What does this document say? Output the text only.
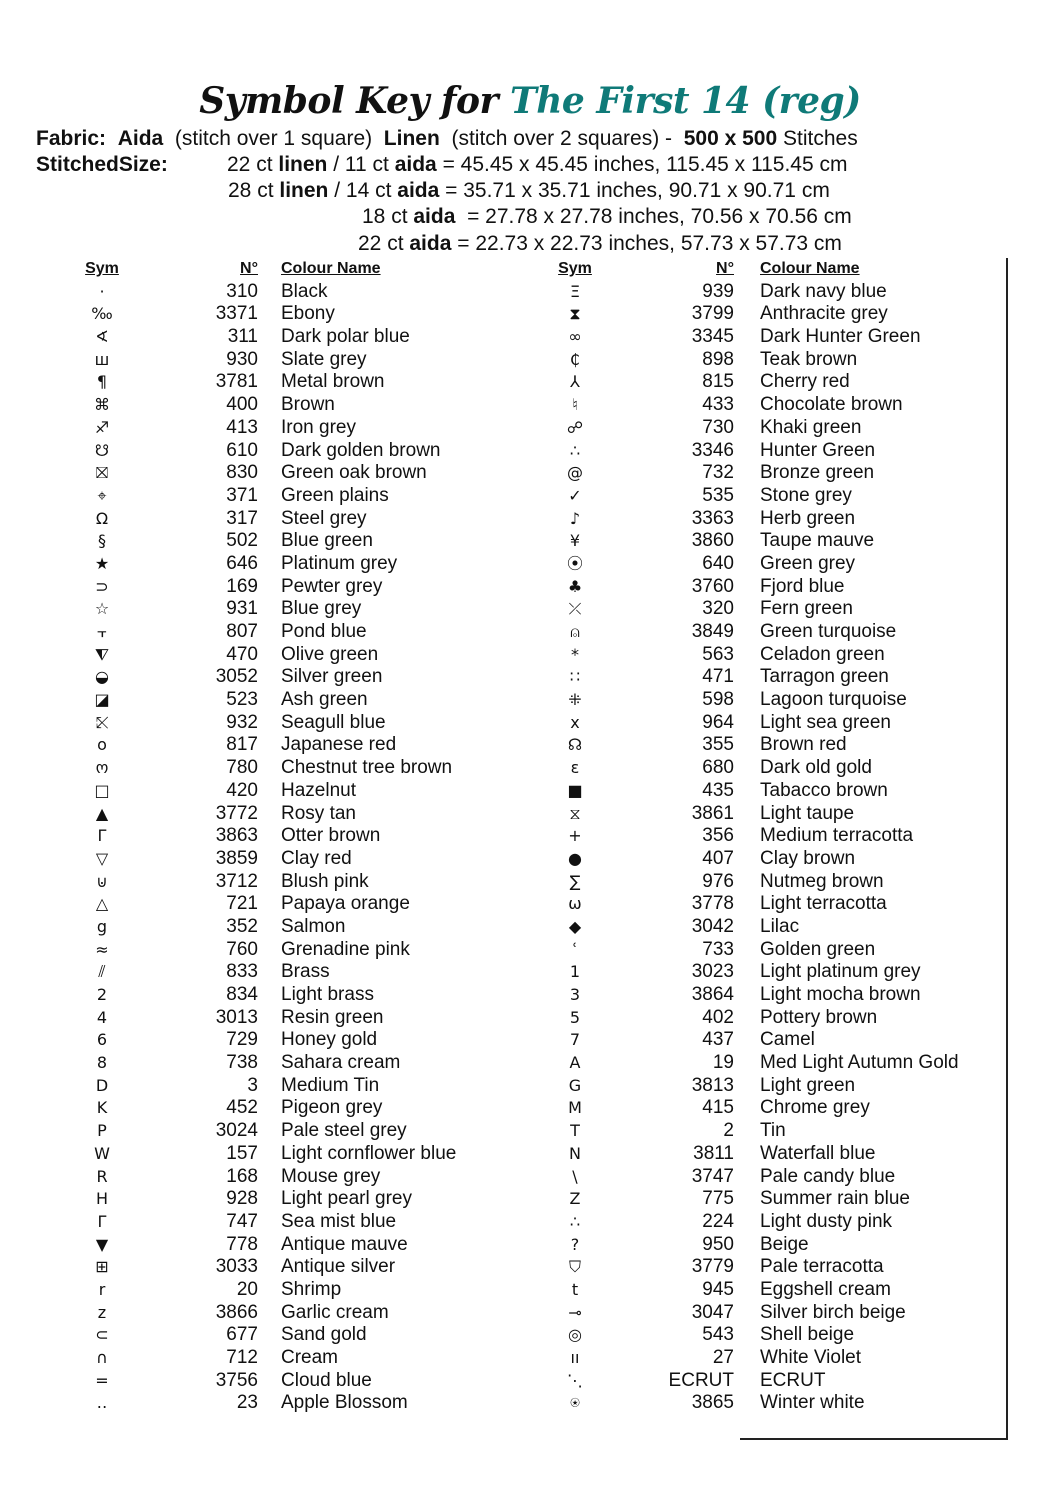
Symbol Key for The First 14 (reg)
Fabric: Aida (stitch over 1 square) Linen (stitch over 2 squares) - 500 x 500 Stitches
StitchedSize:	22 ct linen / 11 ct aida = 45.45 x 45.45 inches, 115.45 x 115.45 cm
28 ct linen / 14 ct aida = 35.71 x 35.71 inches, 90.71 x 90.71 cm
18 ct aida  = 27.78 x 27.78 inches, 70.56 x 70.56 cm
22 ct aida = 22.73 x 22.73 inches, 57.73 x 57.73 cm
Sym	N° Colour Name
·	310 Black
‰	3371 Ebony
∢	311 Dark polar blue
ш	930 Slate grey
¶	3781 Metal brown
⌘	400 Brown
♐	413 Iron grey
☋	610 Dark golden brown
⛝	830 Green oak brown
⌖	371 Green plains
Ω	317 Steel grey
§	502 Blue green
★	646 Platinum grey
⊃	169 Pewter grey
☆	931 Blue grey
⫟	807 Pond blue
⧨	470 Olive green
◒	3052 Silver green
◪	523 Ash green
⤪	932 Seagull blue
o	817 Japanese red
ო	780 Chestnut tree brown
□	420 Hazelnut
▲	3772 Rosy tan
Γ	3863 Otter brown
▽	3859 Clay red
⊍	3712 Blush pink
△	721 Papaya orange
g	352 Salmon
≈	760 Grenadine pink
⫽	833 Brass
2	834 Light brass
4	3013 Resin green
6	729 Honey gold
8	738 Sahara cream
D	3 Medium Tin
K	452 Pigeon grey
P	3024 Pale steel grey
W	157 Light cornflower blue
R	168 Mouse grey
H	928 Light pearl grey
Γ	747 Sea mist blue
▼	778 Antique mauve
⊞	3033 Antique silver
r	20 Shrimp
z	3866 Garlic cream
⊂	677 Sand gold
∩	712 Cream
=	3756 Cloud blue
‥	23 Apple Blossom
Sym	N° Colour Name
Ξ	939 Dark navy blue
⧗	3799 Anthracite grey
∞	3345 Dark Hunter Green
₵	898 Teak brown
⅄	815 Cherry red
♮	433 Chocolate brown
☍	730 Khaki green
∴	3346 Hunter Green
@	732 Bronze green
✓	535 Stone grey
♪	3363 Herb green
¥	3860 Taupe mauve
⦿	640 Green grey
♣	3760 Fjord blue
⤫	320 Fern green
⍝	3849 Green turquoise
*	563 Celadon green
∷	471 Tarragon green
⁜	598 Lagoon turquoise
x	964 Light sea green
☊	355 Brown red
ε	680 Dark old gold
■	435 Tabacco brown
⧖	3861 Light taupe
+	356 Medium terracotta
●	407 Clay brown
∑	976 Nutmeg brown
ω	3778 Light terracotta
◆	3042 Lilac
ʿ	733 Golden green
1	3023 Light platinum grey
3	3864 Light mocha brown
5	402 Pottery brown
7	437 Camel
A	19 Med Light Autumn Gold
G	3813 Light green
M	415 Chrome grey
T	2 Tin
N	3811 Waterfall blue
\	3747 Pale candy blue
Z	775 Summer rain blue
∴	224 Light dusty pink
?	950 Beige
⛉	3779 Pale terracotta
t	945 Eggshell cream
⊸	3047 Silver birch beige
◎	543 Shell beige
ıı	27 White Violet
⋱	ECRUT ECRUT
⍟	3865 Winter white
